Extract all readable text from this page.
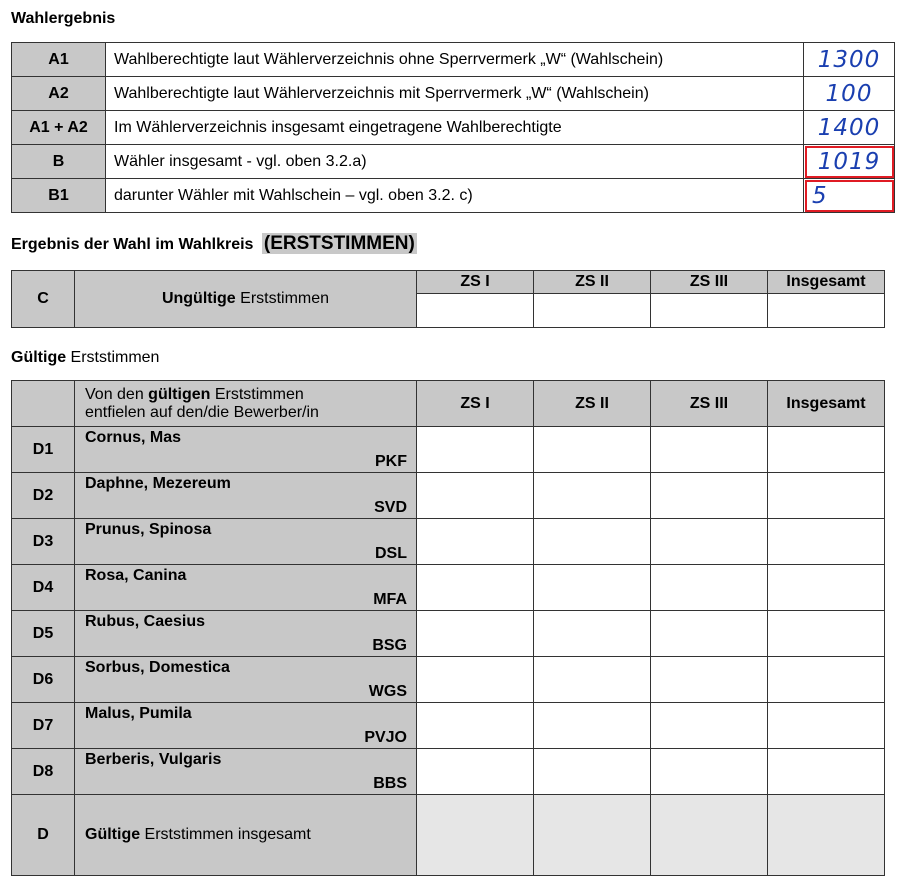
Wahlergebnis
A1	Wahlberechtigte laut Wählerverzeichnis ohne Sperrvermerk „W“ (Wahlschein)	1300
A2	Wahlberechtigte laut Wählerverzeichnis mit Sperrvermerk „W“ (Wahlschein)	100
A1 + A2	Im Wählerverzeichnis insgesamt eingetragene Wahlberechtigte	1400
B	Wähler insgesamt - vgl. oben 3.2.a)	1019
B1	darunter Wähler mit Wahlschein – vgl. oben 3.2. c)	5
Ergebnis der Wahl im Wahlkreis (ERSTSTIMMEN)
C	Ungültige Erststimmen	ZS I	ZS II	ZS III	Insgesamt

Gültige Erststimmen

	Von den gültigen Erststimmen
entfielen auf den/die Bewerber/in	ZS I	ZS II	ZS III	Insgesamt
D1	Cornus, Mas
PKF				

D2	Daphne, Mezereum
SVD				

D3	Prunus, Spinosa
DSL				

D4	Rosa, Canina
MFA				

D5	Rubus, Caesius
BSG				

D6	Sorbus, Domestica
WGS				

D7	Malus, Pumila
PVJO				

D8	Berberis, Vulgaris
BBS				

D	Gültige Erststimmen insgesamt				
